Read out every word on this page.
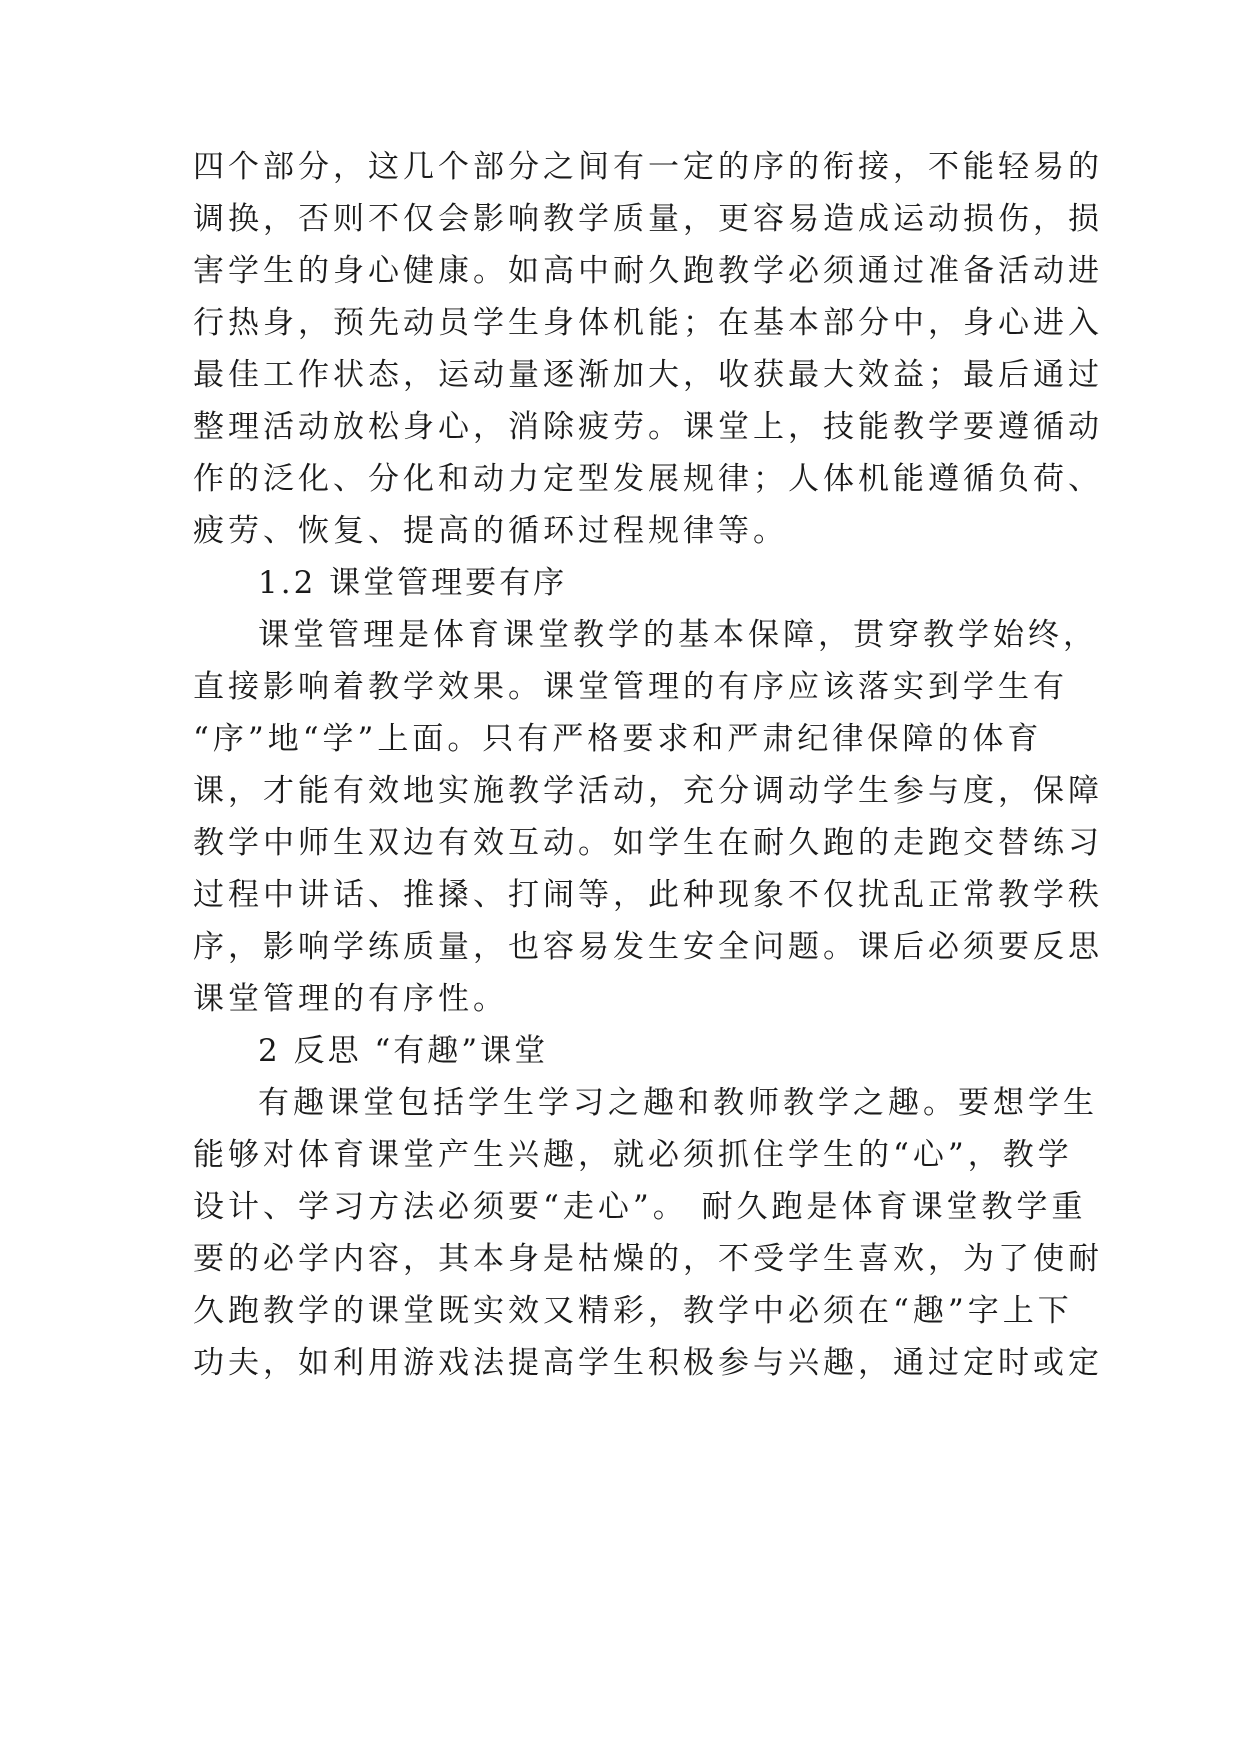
四个部分，这几个部分之间有一定的序的衔接，不能轻易的
调换，否则不仅会影响教学质量，更容易造成运动损伤，损
害学生的身心健康。如高中耐久跑教学必须通过准备活动进
行热身，预先动员学生身体机能；在基本部分中，身心进入
最佳工作状态，运动量逐渐加大，收获最大效益；最后通过
整理活动放松身心，消除疲劳。课堂上，技能教学要遵循动
作的泛化、分化和动力定型发展规律；人体机能遵循负荷、
疲劳、恢复、提高的循环过程规律等。
1.2 课堂管理要有序
课堂管理是体育课堂教学的基本保障，贯穿教学始终，
直接影响着教学效果。课堂管理的有序应该落实到学生有
“序”地“学”上面。只有严格要求和严肃纪律保障的体育
课，才能有效地实施教学活动，充分调动学生参与度，保障
教学中师生双边有效互动。如学生在耐久跑的走跑交替练习
过程中讲话、推搡、打闹等，此种现象不仅扰乱正常教学秩
序，影响学练质量，也容易发生安全问题。课后必须要反思
课堂管理的有序性。
2 反思 “有趣”课堂
有趣课堂包括学生学习之趣和教师教学之趣。要想学生
能够对体育课堂产生兴趣，就必须抓住学生的“心”，教学
设计、学习方法必须要“走心”。 耐久跑是体育课堂教学重
要的必学内容，其本身是枯燥的，不受学生喜欢，为了使耐
久跑教学的课堂既实效又精彩，教学中必须在“趣”字上下
功夫，如利用游戏法提高学生积极参与兴趣，通过定时或定
